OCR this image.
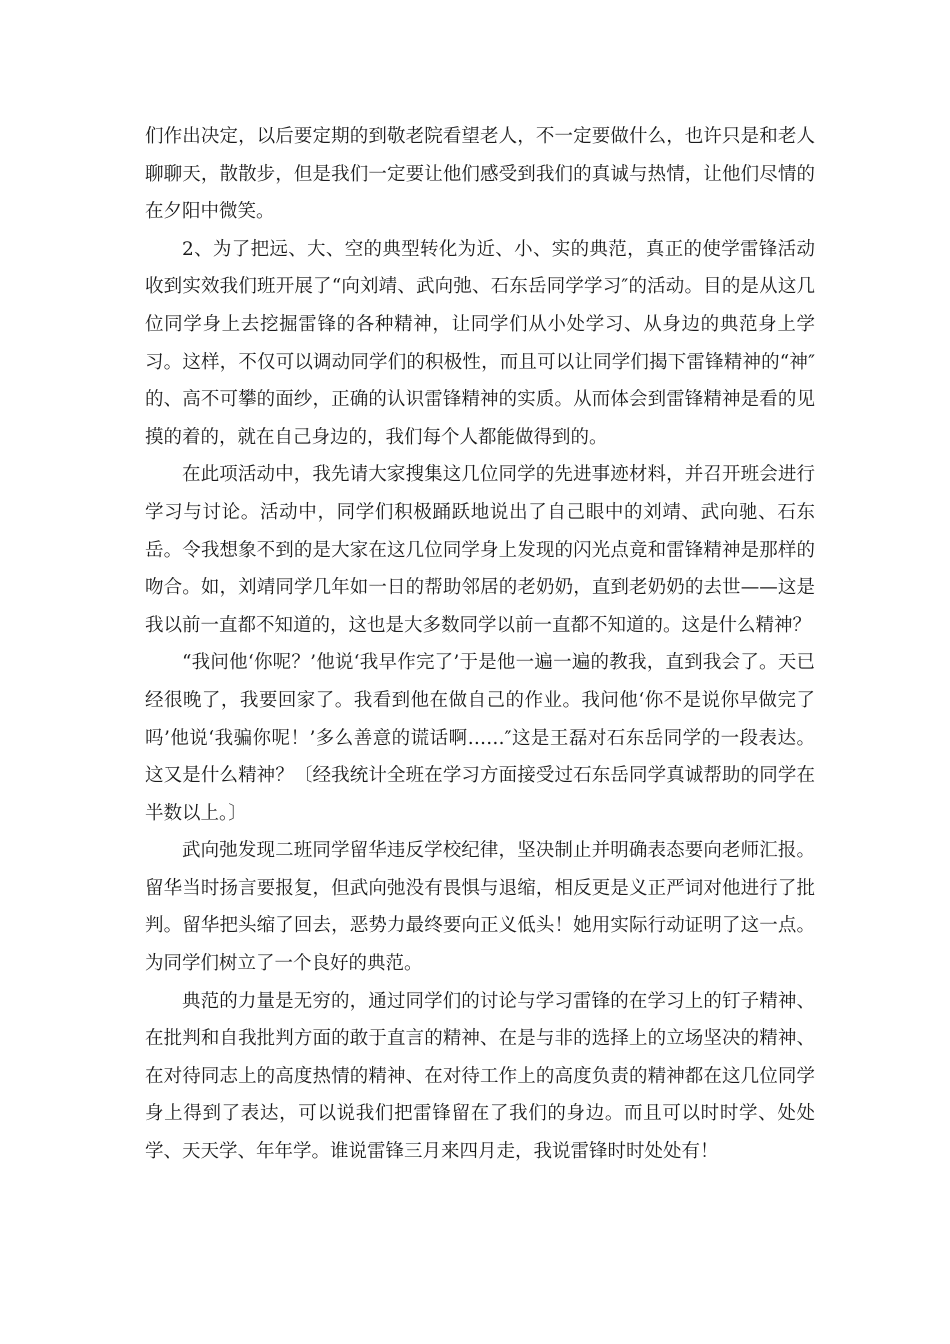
们作出决定，以后要定期的到敬老院看望老人，不一定要做什么，也许只是和老人聊聊天，散散步，但是我们一定要让他们感受到我们的真诚与热情，让他们尽情的在夕阳中微笑。

2、为了把远、大、空的典型转化为近、小、实的典范，真正的使学雷锋活动收到实效我们班开展了“向刘靖、武向弛、石东岳同学学习″的活动。目的是从这几位同学身上去挖掘雷锋的各种精神，让同学们从小处学习、从身边的典范身上学习。这样，不仅可以调动同学们的积极性，而且可以让同学们揭下雷锋精神的“神″的、高不可攀的面纱，正确的认识雷锋精神的实质。从而体会到雷锋精神是看的见摸的着的，就在自己身边的，我们每个人都能做得到的。

在此项活动中，我先请大家搜集这几位同学的先进事迹材料，并召开班会进行学习与讨论。活动中，同学们积极踊跃地说出了自己眼中的刘靖、武向驰、石东岳。令我想象不到的是大家在这几位同学身上发现的闪光点竟和雷锋精神是那样的吻合。如，刘靖同学几年如一日的帮助邻居的老奶奶，直到老奶奶的去世——这是我以前一直都不知道的，这也是大多数同学以前一直都不知道的。这是什么精神？

“我问他‘你呢？’他说‘我早作完了’于是他一遍一遍的教我，直到我会了。天已经很晚了，我要回家了。我看到他在做自己的作业。我问他‘你不是说你早做完了吗’他说‘我骗你呢！’多么善意的谎话啊……″这是王磊对石东岳同学的一段表达。这又是什么精神？〔经我统计全班在学习方面接受过石东岳同学真诚帮助的同学在半数以上。〕

武向弛发现二班同学留华违反学校纪律，坚决制止并明确表态要向老师汇报。留华当时扬言要报复，但武向弛没有畏惧与退缩，相反更是义正严词对他进行了批判。留华把头缩了回去，恶势力最终要向正义低头！她用实际行动证明了这一点。为同学们树立了一个良好的典范。

典范的力量是无穷的，通过同学们的讨论与学习雷锋的在学习上的钉子精神、在批判和自我批判方面的敢于直言的精神、在是与非的选择上的立场坚决的精神、在对待同志上的高度热情的精神、在对待工作上的高度负责的精神都在这几位同学身上得到了表达，可以说我们把雷锋留在了我们的身边。而且可以时时学、处处学、天天学、年年学。谁说雷锋三月来四月走，我说雷锋时时处处有！
